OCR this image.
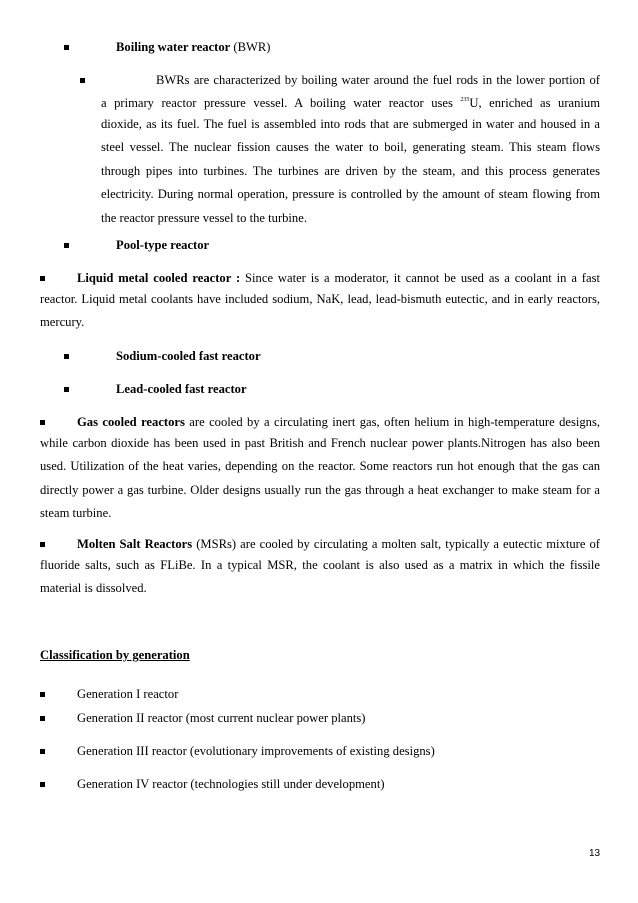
Boiling water reactor (BWR)
BWRs are characterized by boiling water around the fuel rods in the lower portion of
a primary reactor pressure vessel. A boiling water reactor uses $^{235}$U, enriched as uranium
dioxide, as its fuel. The fuel is assembled into rods that are submerged in water and housed in a steel vessel. The nuclear fission causes the water to boil, generating steam. This steam flows through pipes into turbines. The turbines are driven by the steam, and this process generates electricity. During normal operation, pressure is controlled by the amount of steam flowing from the reactor pressure vessel to the turbine.
Pool-type reactor
Liquid metal cooled reactor : Since water is a moderator, it cannot be used as a coolant in a fast
reactor. Liquid metal coolants have included sodium, NaK, lead, lead-bismuth eutectic, and in early reactors, mercury.
Sodium-cooled fast reactor
Lead-cooled fast reactor
Gas cooled reactors are cooled by a circulating inert gas, often helium in high-temperature designs,
while carbon dioxide has been used in past British and French nuclear power plants.Nitrogen has also been used. Utilization of the heat varies, depending on the reactor. Some reactors run hot enough that the gas can directly power a gas turbine. Older designs usually run the gas through a heat exchanger to make steam for a steam turbine.
Molten Salt Reactors (MSRs) are cooled by circulating a molten salt, typically a eutectic mixture of
fluoride salts, such as FLiBe. In a typical MSR, the coolant is also used as a matrix in which the fissile material is dissolved.
Classification by generation
Generation I reactor
Generation II reactor (most current nuclear power plants)
Generation III reactor (evolutionary improvements of existing designs)
Generation IV reactor (technologies still under development)
13
